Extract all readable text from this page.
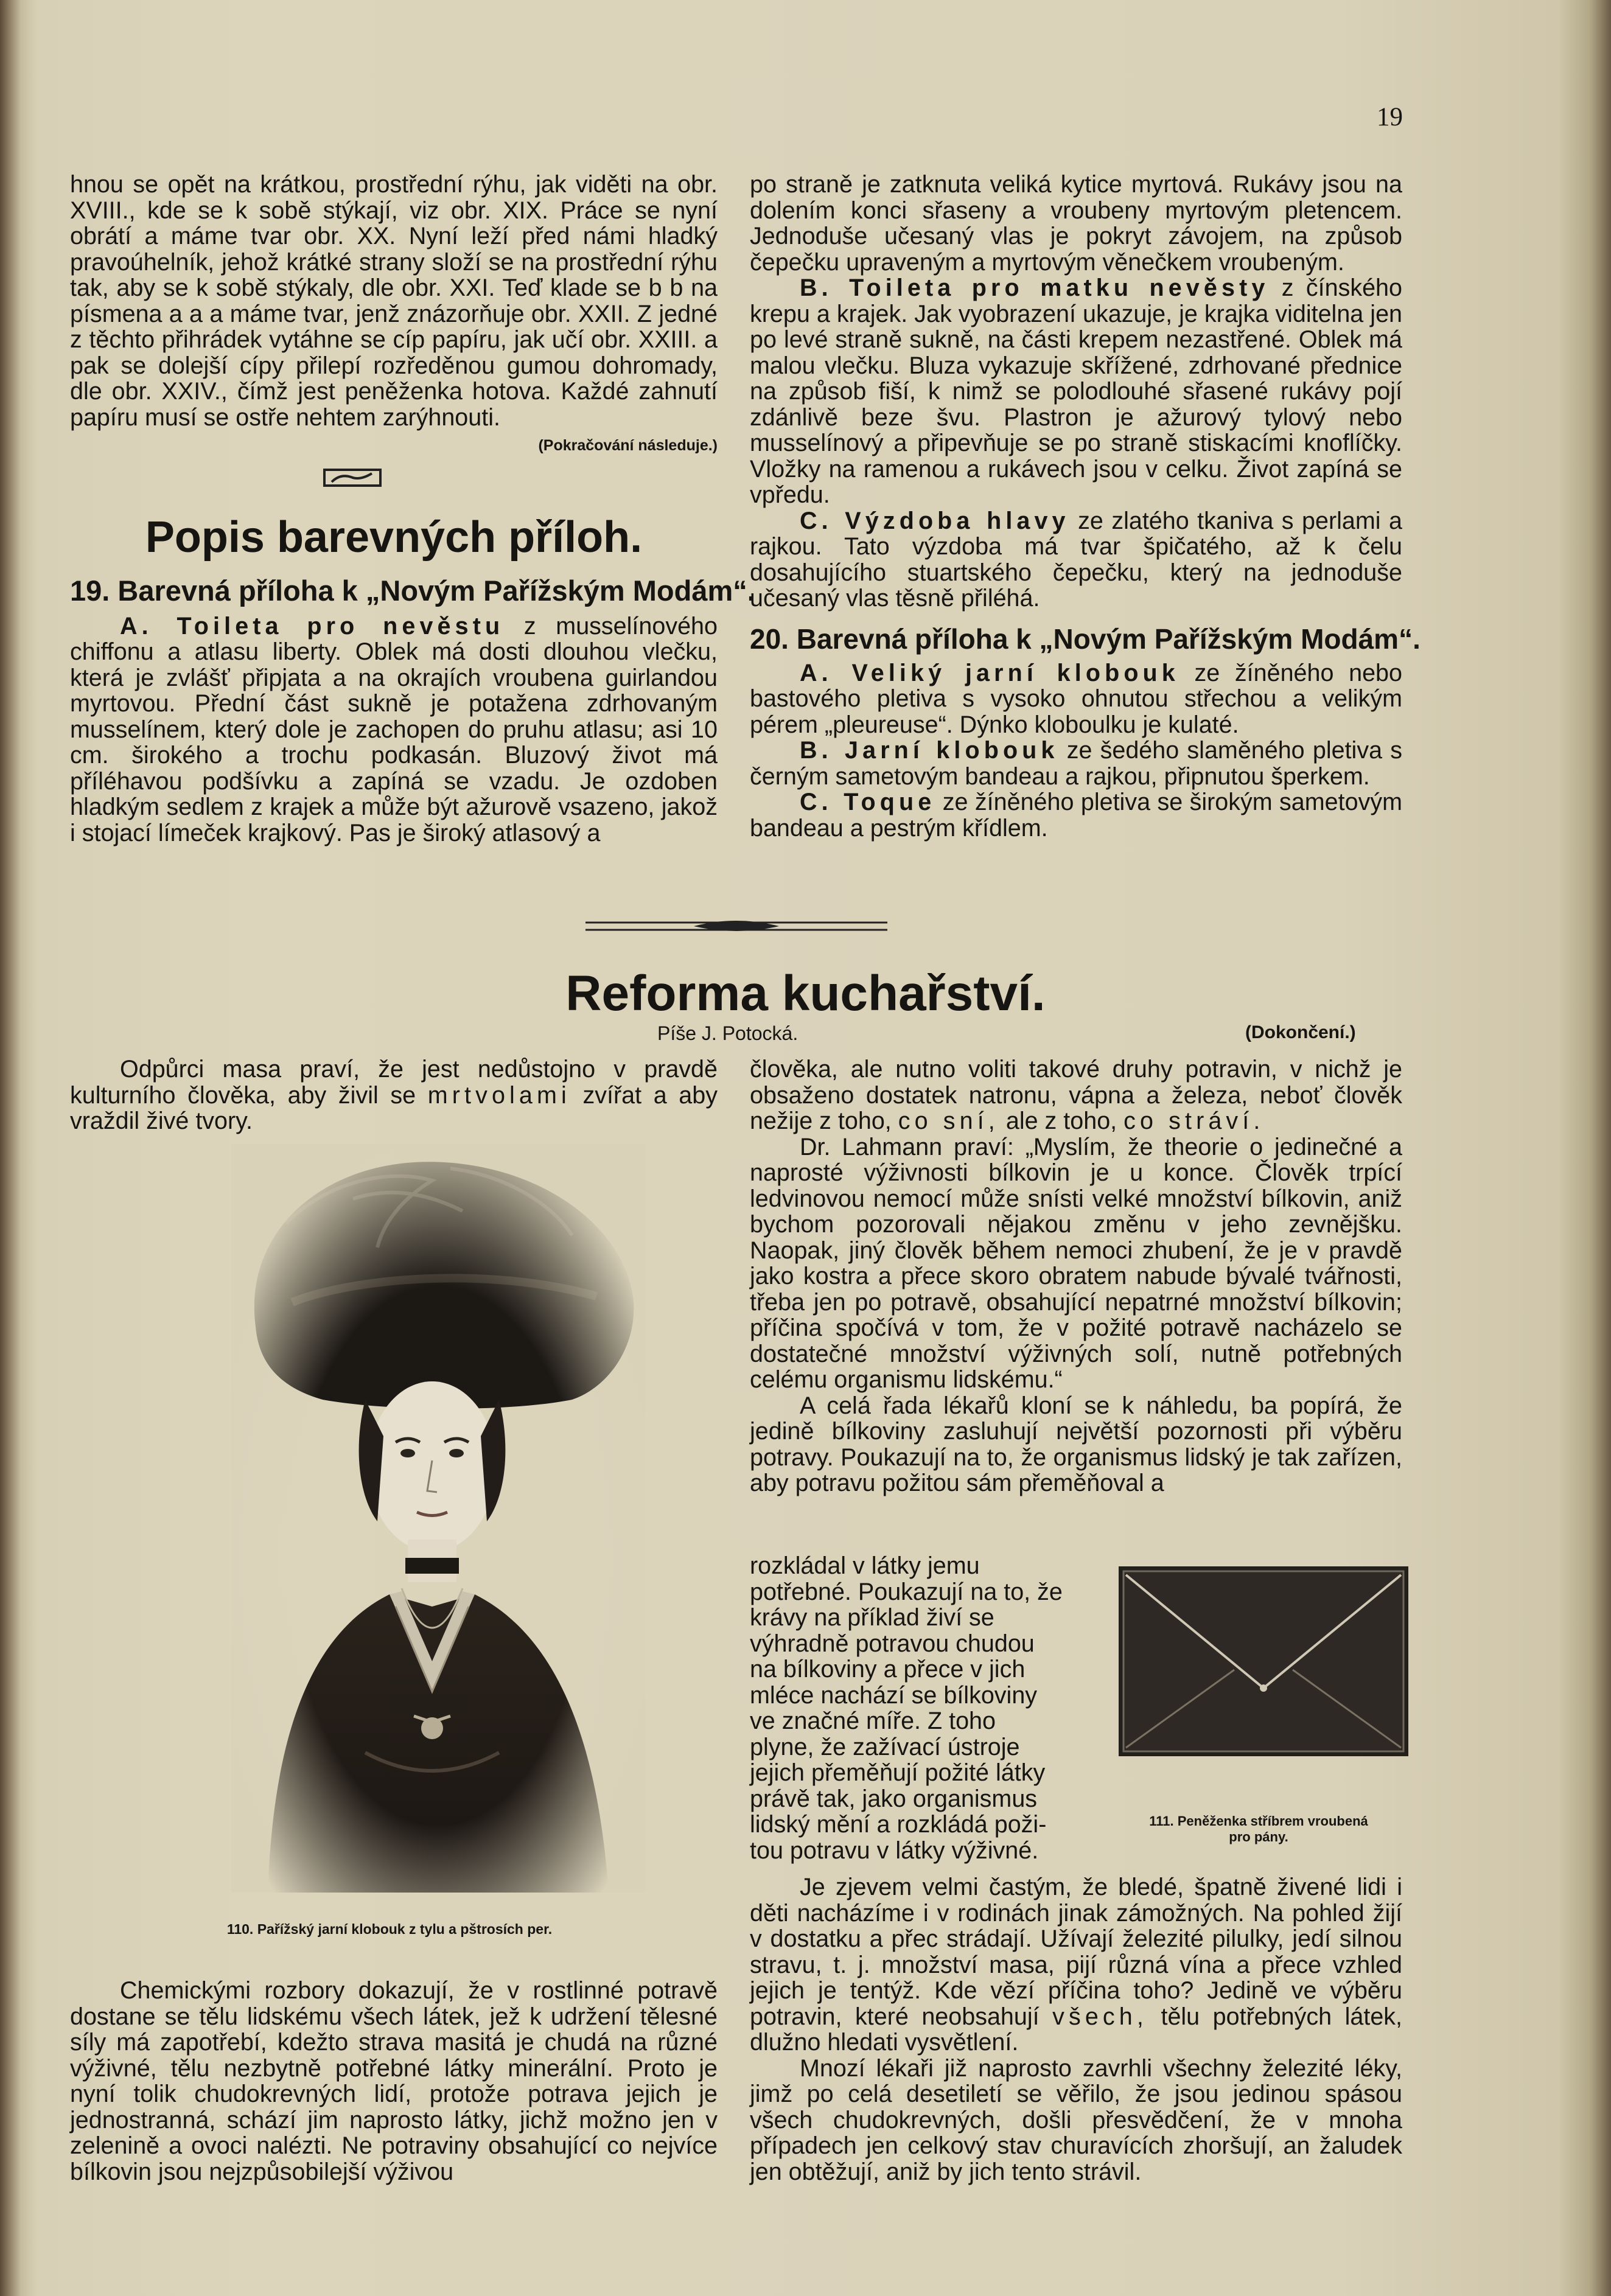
19

hnou se opět na krátkou, prostřední rýhu, jak viděti na obr. XVIII., kde se k sobě stýkají, viz obr. XIX. Práce se nyní obrátí a máme tvar obr. XX. Nyní leží před námi hladký pravoúhelník, jehož krátké strany složí se na prostřední rýhu tak, aby se k sobě stýkaly, dle obr. XXI. Teď klade se b b na písmena a a a máme tvar, jenž znázorňuje obr. XXII. Z jedné z těchto přihrádek vytáhne se cíp papíru, jak učí obr. XXIII. a pak se dolejší cípy přilepí rozředěnou gumou dohromady, dle obr. XXIV., čímž jest peněženka hotova. Každé zahnutí papíru musí se ostře nehtem zarýhnouti.

(Pokračování následuje.)

Popis barevných příloh.

19. Barevná příloha k „Novým Pařížským Modám“.

A. Toileta pro nevěstu z musselínového chiffonu a atlasu liberty. Oblek má dosti dlouhou vlečku, která je zvlášť připjata a na okrajích vroubena guirlandou myrtovou. Přední část sukně je potažena zdrhovaným musselínem, který dole je zachopen do pruhu atlasu; asi 10 cm. širokého a trochu podkasán. Bluzový život má příléhavou podšívku a zapíná se vzadu. Je ozdoben hladkým sedlem z krajek a může být ažurově vsazeno, jakož i stojací límeček krajkový. Pas je široký atlasový a

po straně je zatknuta veliká kytice myrtová. Rukávy jsou na dolením konci sřaseny a vroubeny myrtovým pletencem. Jednoduše učesaný vlas je pokryt závojem, na způsob čepečku upraveným a myrtovým věnečkem vroubeným.

B. Toileta pro matku nevěsty z čínského krepu a krajek. Jak vyobrazení ukazuje, je krajka viditelna jen po levé straně sukně, na části krepem nezastřené. Oblek má malou vlečku. Bluza vykazuje skřížené, zdrhované přednice na způsob fiší, k nimž se polodlouhé sřasené rukávy pojí zdánlivě beze švu. Plastron je ažurový tylový nebo musselínový a připevňuje se po straně stiskacími knoflíčky. Vložky na ramenou a rukávech jsou v celku. Život zapíná se vpředu.

C. Výzdoba hlavy ze zlatého tkaniva s perlami a rajkou. Tato výzdoba má tvar špičatého, až k čelu dosahujícího stuartského čepečku, který na jednoduše učesaný vlas těsně přiléhá.

20. Barevná příloha k „Novým Pařížským Modám“.

A. Veliký jarní klobouk ze žíněného nebo bastového pletiva s vysoko ohnutou střechou a velikým pérem „pleureuse“. Dýnko kloboulku je kulaté.

B. Jarní klobouk ze šedého slaměného pletiva s černým sametovým bandeau a rajkou, připnutou šperkem.

C. Toque ze žíněného pletiva se širokým sametovým bandeau a pestrým křídlem.

Reforma kuchařství.
Píše J. Potocká.	(Dokončení.)

Odpůrci masa praví, že jest nedůstojno v pravdě kulturního člověka, aby živil se mrtvolami zvířat a aby vraždil živé tvory.

110. Pařížský jarní klobouk z tylu a pštrosích per.

Chemickými rozbory dokazují, že v rostlinné potravě dostane se tělu lidskému všech látek, jež k udržení tělesné síly má zapotřebí, kdežto strava masitá je chudá na různé výživné, tělu nezbytně potřebné látky minerální. Proto je nyní tolik chudokrevných lidí, protože potrava jejich je jednostranná, schází jim naprosto látky, jichž možno jen v zelenině a ovoci nalézti. Ne potraviny obsahující co nejvíce bílkovin jsou nejzpůsobilejší výživou

člověka, ale nutno voliti takové druhy potravin, v nichž je obsaženo dostatek natronu, vápna a železa, neboť člověk nežije z toho, co sní, ale z toho, co stráví.

Dr. Lahmann praví: „Myslím, že theorie o jedinečné a naprosté výživnosti bílkovin je u konce. Člověk trpící ledvinovou nemocí může snísti velké množství bílkovin, aniž bychom pozorovali nějakou změnu v jeho zevnějšku. Naopak, jiný člověk během nemoci zhubení, že je v pravdě jako kostra a přece skoro obratem nabude bývalé tvářnosti, třeba jen po potravě, obsahující nepatrné množství bílkovin; příčina spočívá v tom, že v požité potravě nacházelo se dostatečné množství výživných solí, nutně potřebných celému organismu lidskému.“

A celá řada lékařů kloní se k náhledu, ba popírá, že jedině bílkoviny zasluhují největší pozornosti při výběru potravy. Poukazují na to, že organismus lidský je tak zařízen, aby potravu požitou sám přeměňoval a

rozkládal v látky jemu potřebné. Poukazují na to, že krávy na příklad živí se výhradně potravou chudou na bílkoviny a přece v jich mléce nachází se bílkoviny ve značné míře. Z toho plyne, že zažívací ústroje jejich přeměňují požité látky právě tak, jako organismus lidský mění a rozkládá poži-

tou potravu v látky výživné.

111. Peněženka stříbrem vroubená
pro pány.

Je zjevem velmi častým, že bledé, špatně živené lidi i děti nacházíme i v rodinách jinak zámožných. Na pohled žijí v dostatku a přec strádají. Užívají železité pilulky, jedí silnou stravu, t. j. množství masa, pijí různá vína a přece vzhled jejich je tentýž. Kde vězí příčina toho? Jedině ve výběru potravin, které neobsahují všech, tělu potřebných látek, dlužno hledati vysvětlení.

Mnozí lékaři již naprosto zavrhli všechny železité léky, jimž po celá desetiletí se věřilo, že jsou jedinou spásou všech chudokrevných, došli přesvědčení, že v mnoha případech jen celkový stav churavících zhoršují, an žaludek jen obtěžují, aniž by jich tento strávil.
